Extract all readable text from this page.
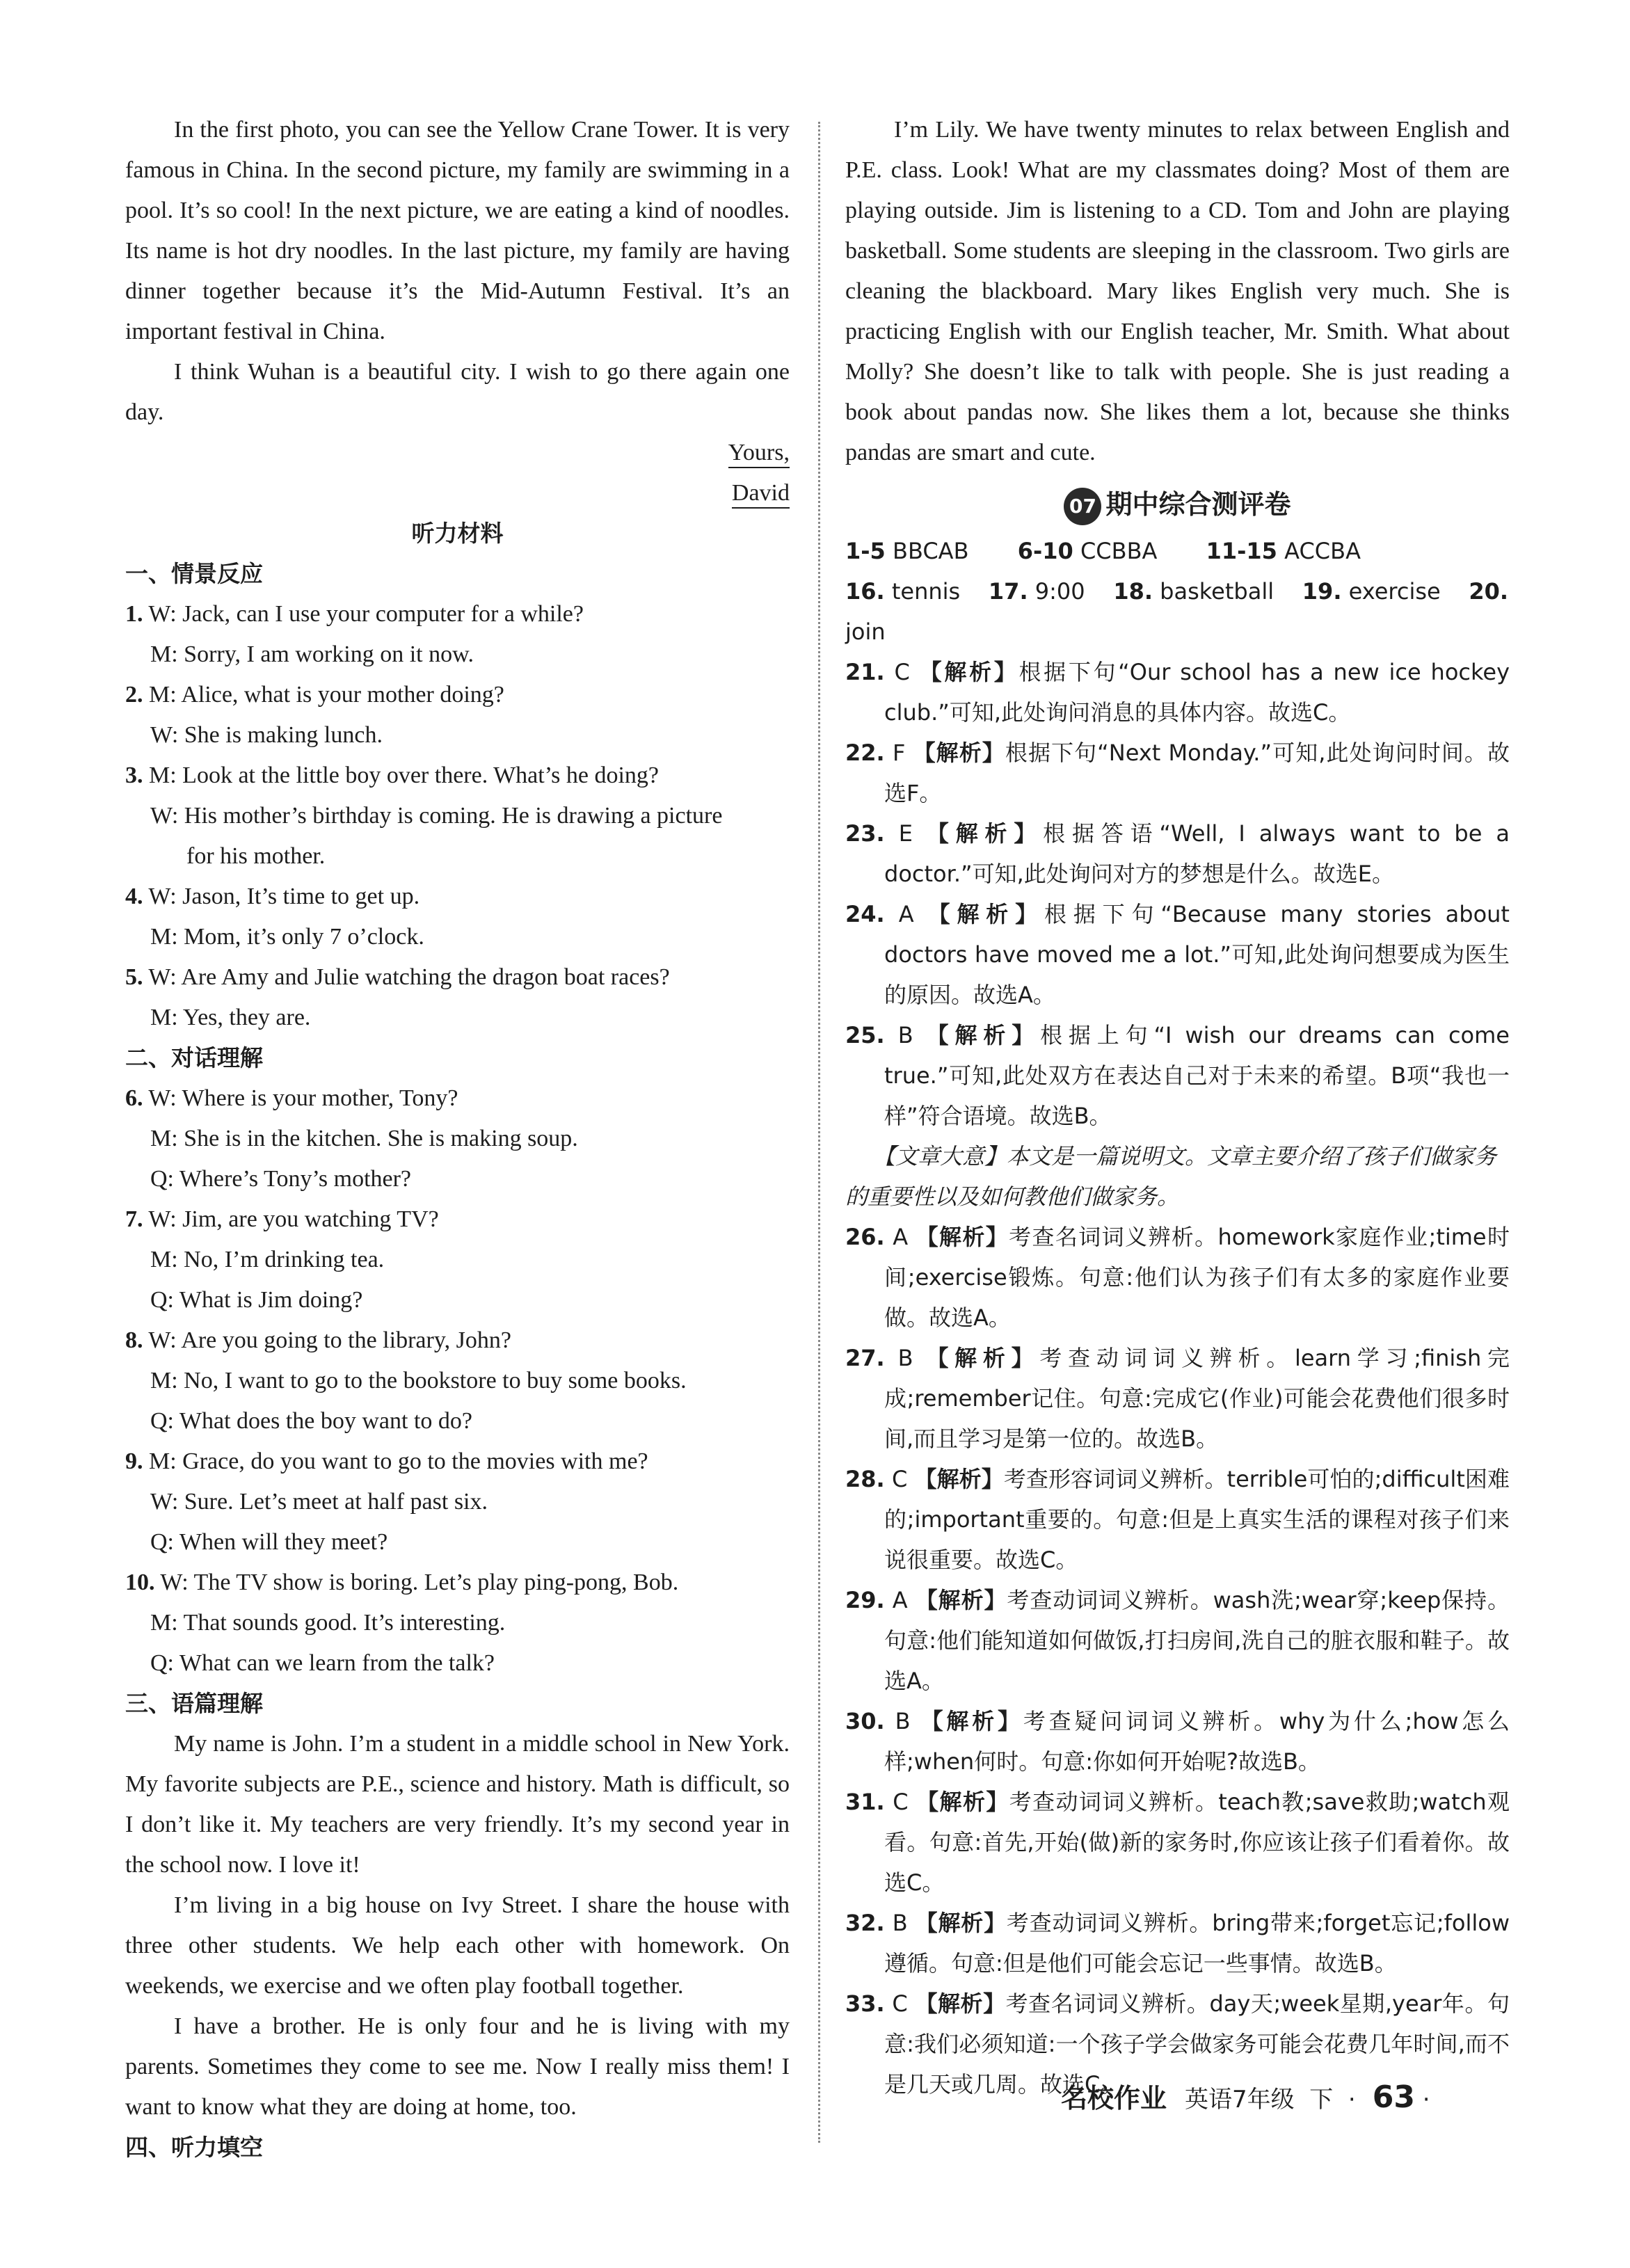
In the first photo, you can see the Yellow Crane Tower. It is very famous in China. In the second picture, my family are swimming in a pool. It’s so cool! In the next picture, we are eating a kind of noodles. Its name is hot dry noodles. In the last picture, my family are having dinner together because it’s the Mid-Autumn Festival. It’s an important festival in China.

I think Wuhan is a beautiful city. I wish to go there again one day.

Yours,

David

听力材料

一、情景反应

1. W: Jack, can I use your computer for a while?

M: Sorry, I am working on it now.

2. M: Alice, what is your mother doing?

W: She is making lunch.

3. M: Look at the little boy over there. What’s he doing?

W: His mother’s birthday is coming. He is drawing a picture

for his mother.

4. W: Jason, It’s time to get up.

M: Mom, it’s only 7 o’clock.

5. W: Are Amy and Julie watching the dragon boat races?

M: Yes, they are.

二、对话理解

6. W: Where is your mother, Tony?

M: She is in the kitchen. She is making soup.

Q: Where’s Tony’s mother?

7. W: Jim, are you watching TV?

M: No, I’m drinking tea.

Q: What is Jim doing?

8. W: Are you going to the library, John?

M: No, I want to go to the bookstore to buy some books.

Q: What does the boy want to do?

9. M: Grace, do you want to go to the movies with me?

W: Sure. Let’s meet at half past six.

Q: When will they meet?

10. W: The TV show is boring. Let’s play ping-pong, Bob.

M: That sounds good. It’s interesting.

Q: What can we learn from the talk?

三、语篇理解

My name is John. I’m a student in a middle school in New York. My favorite subjects are P.E., science and history. Math is difficult, so I don’t like it. My teachers are very friendly. It’s my second year in the school now. I love it!

I’m living in a big house on Ivy Street. I share the house with three other students. We help each other with homework. On weekends, we exercise and we often play football together.

I have a brother. He is only four and he is living with my parents. Sometimes they come to see me. Now I really miss them! I want to know what they are doing at home, too.

四、听力填空

I’m Lily. We have twenty minutes to relax between English and P.E. class. Look! What are my classmates doing? Most of them are playing outside. Jim is listening to a CD. Tom and John are playing basketball. Some students are sleeping in the classroom. Two girls are cleaning the blackboard. Mary likes English very much. She is practicing English with our English teacher, Mr. Smith. What about Molly? She doesn’t like to talk with people. She is just reading a book about pandas now. She likes them a lot, because she thinks pandas are smart and cute.

07 期中综合测评卷

1-5 BBCAB 6-10 CCBBA 11-15 ACCBA

16. tennis 17. 9:00 18. basketball 19. exercise 20. join

21. C 【解析】根据下句“Our school has a new ice hockey club.”可知,此处询问消息的具体内容。故选C。

22. F 【解析】根据下句“Next Monday.”可知,此处询问时间。故选F。

23. E 【解析】根据答语“Well, I always want to be a doctor.”可知,此处询问对方的梦想是什么。故选E。

24. A 【解析】根据下句“Because many stories about doctors have moved me a lot.”可知,此处询问想要成为医生的原因。故选A。

25. B 【解析】根据上句“I wish our dreams can come true.”可知,此处双方在表达自己对于未来的希望。B项“我也一样”符合语境。故选B。

【文章大意】本文是一篇说明文。文章主要介绍了孩子们做家务的重要性以及如何教他们做家务。

26. A 【解析】考查名词词义辨析。homework家庭作业;time时间;exercise锻炼。句意:他们认为孩子们有太多的家庭作业要做。故选A。

27. B 【解析】考查动词词义辨析。learn学习;finish完成;remember记住。句意:完成它(作业)可能会花费他们很多时间,而且学习是第一位的。故选B。

28. C 【解析】考查形容词词义辨析。terrible可怕的;difficult困难的;important重要的。句意:但是上真实生活的课程对孩子们来说很重要。故选C。

29. A 【解析】考查动词词义辨析。wash洗;wear穿;keep保持。句意:他们能知道如何做饭,打扫房间,洗自己的脏衣服和鞋子。故选A。

30. B 【解析】考查疑问词词义辨析。why为什么;how怎么样;when何时。句意:你如何开始呢?故选B。

31. C 【解析】考查动词词义辨析。teach教;save救助;watch观看。句意:首先,开始(做)新的家务时,你应该让孩子们看着你。故选C。

32. B 【解析】考查动词词义辨析。bring带来;forget忘记;follow遵循。句意:但是他们可能会忘记一些事情。故选B。

33. C 【解析】考查名词词义辨析。day天;week星期,year年。句意:我们必须知道:一个孩子学会做家务可能会花费几年时间,而不是几天或几周。故选C。

名校作业 英语7年级 下 · 63 ·
